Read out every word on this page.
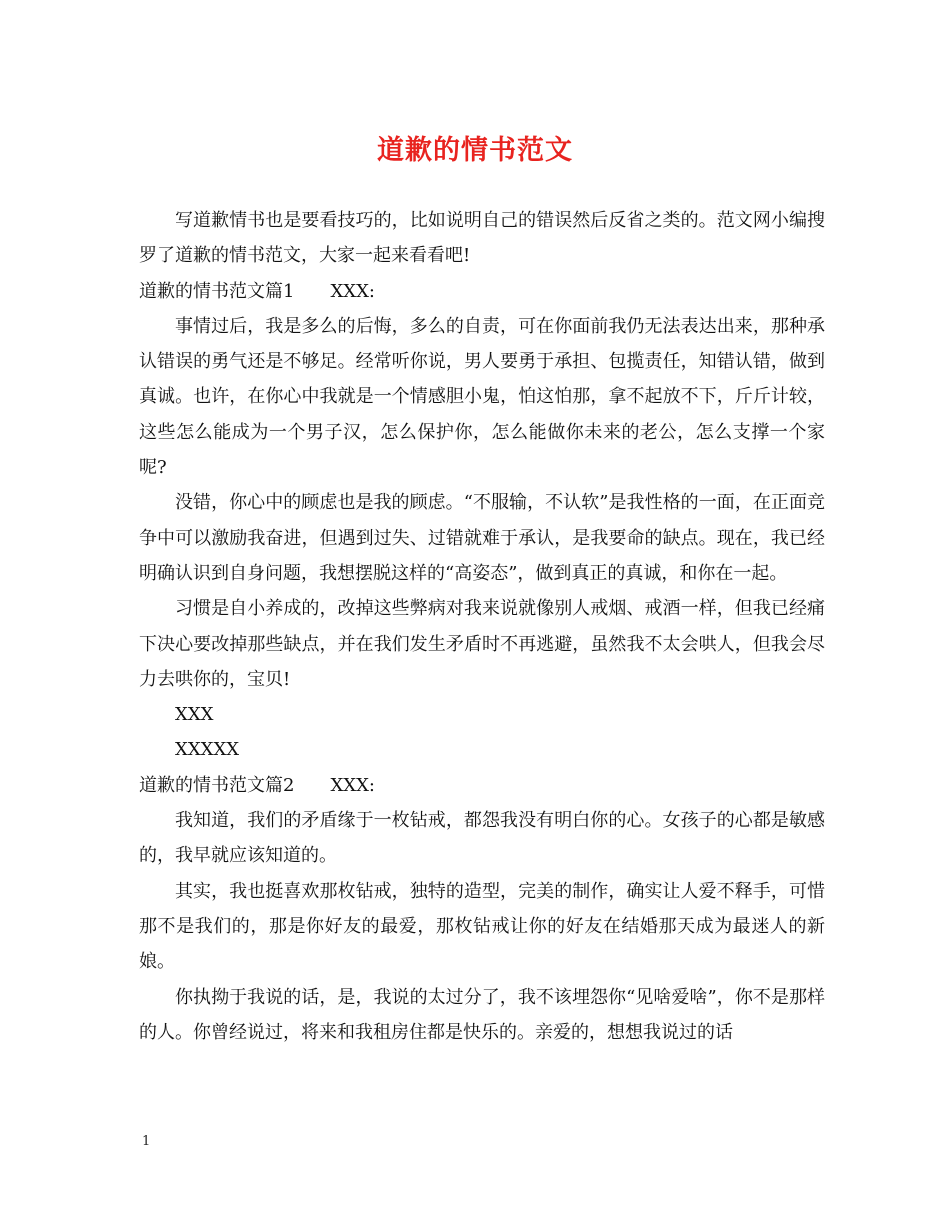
道歉的情书范文

写道歉情书也是要看技巧的，比如说明自己的错误然后反省之类的。范文网小编搜罗了道歉的情书范文，大家一起来看看吧!

道歉的情书范文篇1　　XXX:

事情过后，我是多么的后悔，多么的自责，可在你面前我仍无法表达出来，那种承认错误的勇气还是不够足。经常听你说，男人要勇于承担、包揽责任，知错认错，做到真诚。也许，在你心中我就是一个情感胆小鬼，怕这怕那，拿不起放不下，斤斤计较，这些怎么能成为一个男子汉，怎么保护你，怎么能做你未来的老公，怎么支撑一个家呢?

没错，你心中的顾虑也是我的顾虑。“不服输，不认软”是我性格的一面，在正面竞争中可以激励我奋进，但遇到过失、过错就难于承认，是我要命的缺点。现在，我已经明确认识到自身问题，我想摆脱这样的“高姿态”，做到真正的真诚，和你在一起。

习惯是自小养成的，改掉这些弊病对我来说就像别人戒烟、戒酒一样，但我已经痛下决心要改掉那些缺点，并在我们发生矛盾时不再逃避，虽然我不太会哄人，但我会尽力去哄你的，宝贝!

XXX

XXXXX

道歉的情书范文篇2　　XXX:

我知道，我们的矛盾缘于一枚钻戒，都怨我没有明白你的心。女孩子的心都是敏感的，我早就应该知道的。

其实，我也挺喜欢那枚钻戒，独特的造型，完美的制作，确实让人爱不释手，可惜那不是我们的，那是你好友的最爱，那枚钻戒让你的好友在结婚那天成为最迷人的新娘。

你执拗于我说的话，是，我说的太过分了，我不该埋怨你“见啥爱啥”，你不是那样的人。你曾经说过，将来和我租房住都是快乐的。亲爱的，想想我说过的话

1
